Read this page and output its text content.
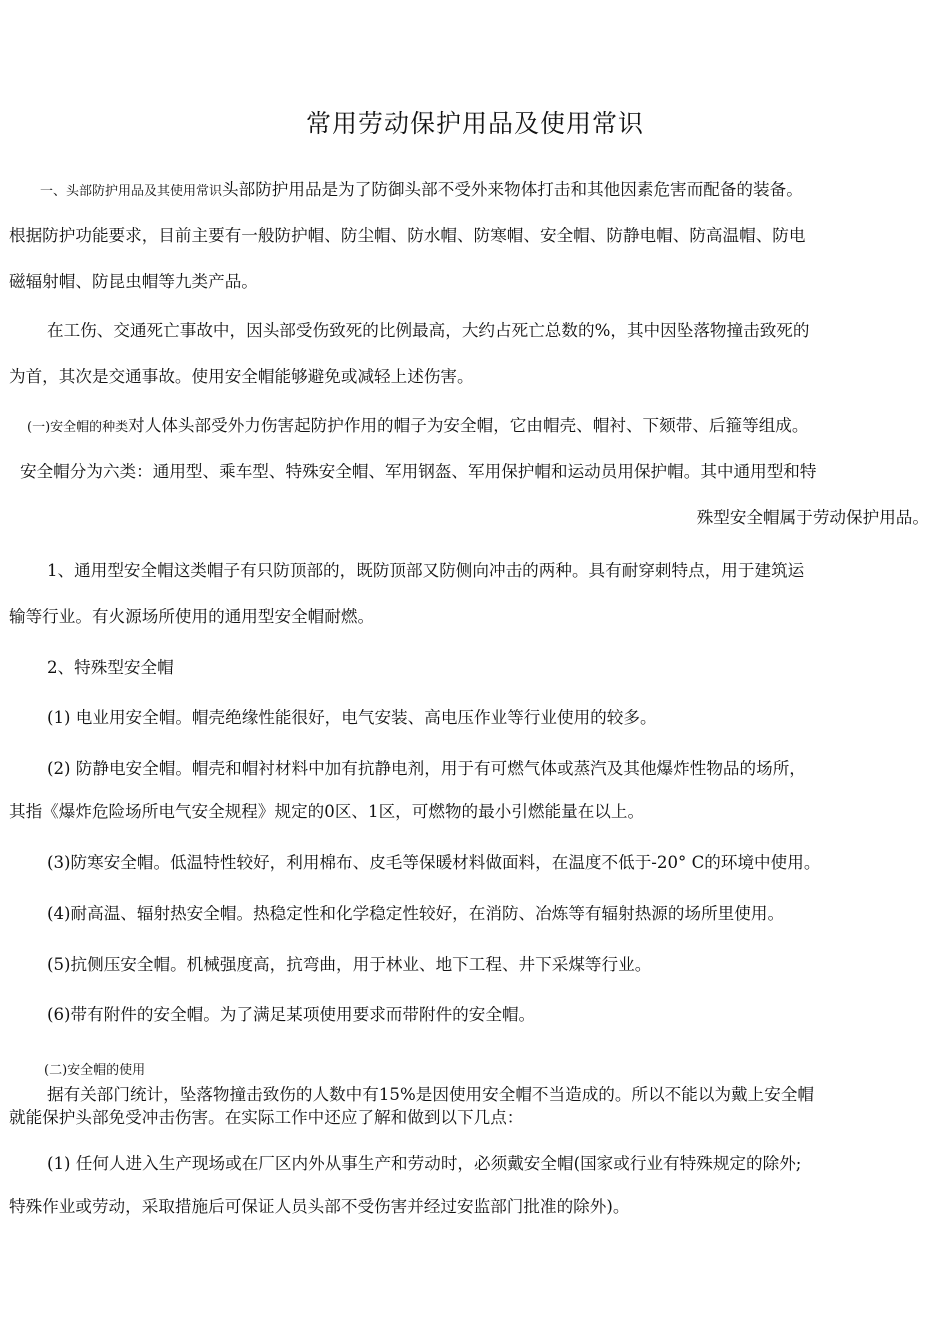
常用劳动保护用品及使用常识
一、头部防护用品及其使用常识头部防护用品是为了防御头部不受外来物体打击和其他因素危害而配备的装备。
根据防护功能要求，目前主要有一般防护帽、防尘帽、防水帽、防寒帽、安全帽、防静电帽、防高温帽、防电
磁辐射帽、防昆虫帽等九类产品。
在工伤、交通死亡事故中，因头部受伤致死的比例最高，大约占死亡总数的%，其中因坠落物撞击致死的
为首，其次是交通事故。使用安全帽能够避免或减轻上述伤害。
(一)安全帽的种类对人体头部受外力伤害起防护作用的帽子为安全帽，它由帽壳、帽衬、下颏带、后箍等组成。
安全帽分为六类：通用型、乘车型、特殊安全帽、军用钢盔、军用保护帽和运动员用保护帽。其中通用型和特
殊型安全帽属于劳动保护用品。
1、通用型安全帽这类帽子有只防顶部的，既防顶部又防侧向冲击的两种。具有耐穿刺特点，用于建筑运
输等行业。有火源场所使用的通用型安全帽耐燃。
2、特殊型安全帽
(1) 电业用安全帽。帽壳绝缘性能很好，电气安装、高电压作业等行业使用的较多。
(2) 防静电安全帽。帽壳和帽衬材料中加有抗静电剂，用于有可燃气体或蒸汽及其他爆炸性物品的场所，
其指《爆炸危险场所电气安全规程》规定的0区、1区，可燃物的最小引燃能量在以上。
(3)防寒安全帽。低温特性较好，利用棉布、皮毛等保暖材料做面料，在温度不低于-20° C的环境中使用。
(4)耐高温、辐射热安全帽。热稳定性和化学稳定性较好，在消防、冶炼等有辐射热源的场所里使用。
(5)抗侧压安全帽。机械强度高，抗弯曲，用于林业、地下工程、井下采煤等行业。
(6)带有附件的安全帽。为了满足某项使用要求而带附件的安全帽。
(二)安全帽的使用
据有关部门统计，坠落物撞击致伤的人数中有15%是因使用安全帽不当造成的。所以不能以为戴上安全帽
就能保护头部免受冲击伤害。在实际工作中还应了解和做到以下几点：
(1) 任何人进入生产现场或在厂区内外从事生产和劳动时，必须戴安全帽(国家或行业有特殊规定的除外;
特殊作业或劳动，采取措施后可保证人员头部不受伤害并经过安监部门批准的除外)。
